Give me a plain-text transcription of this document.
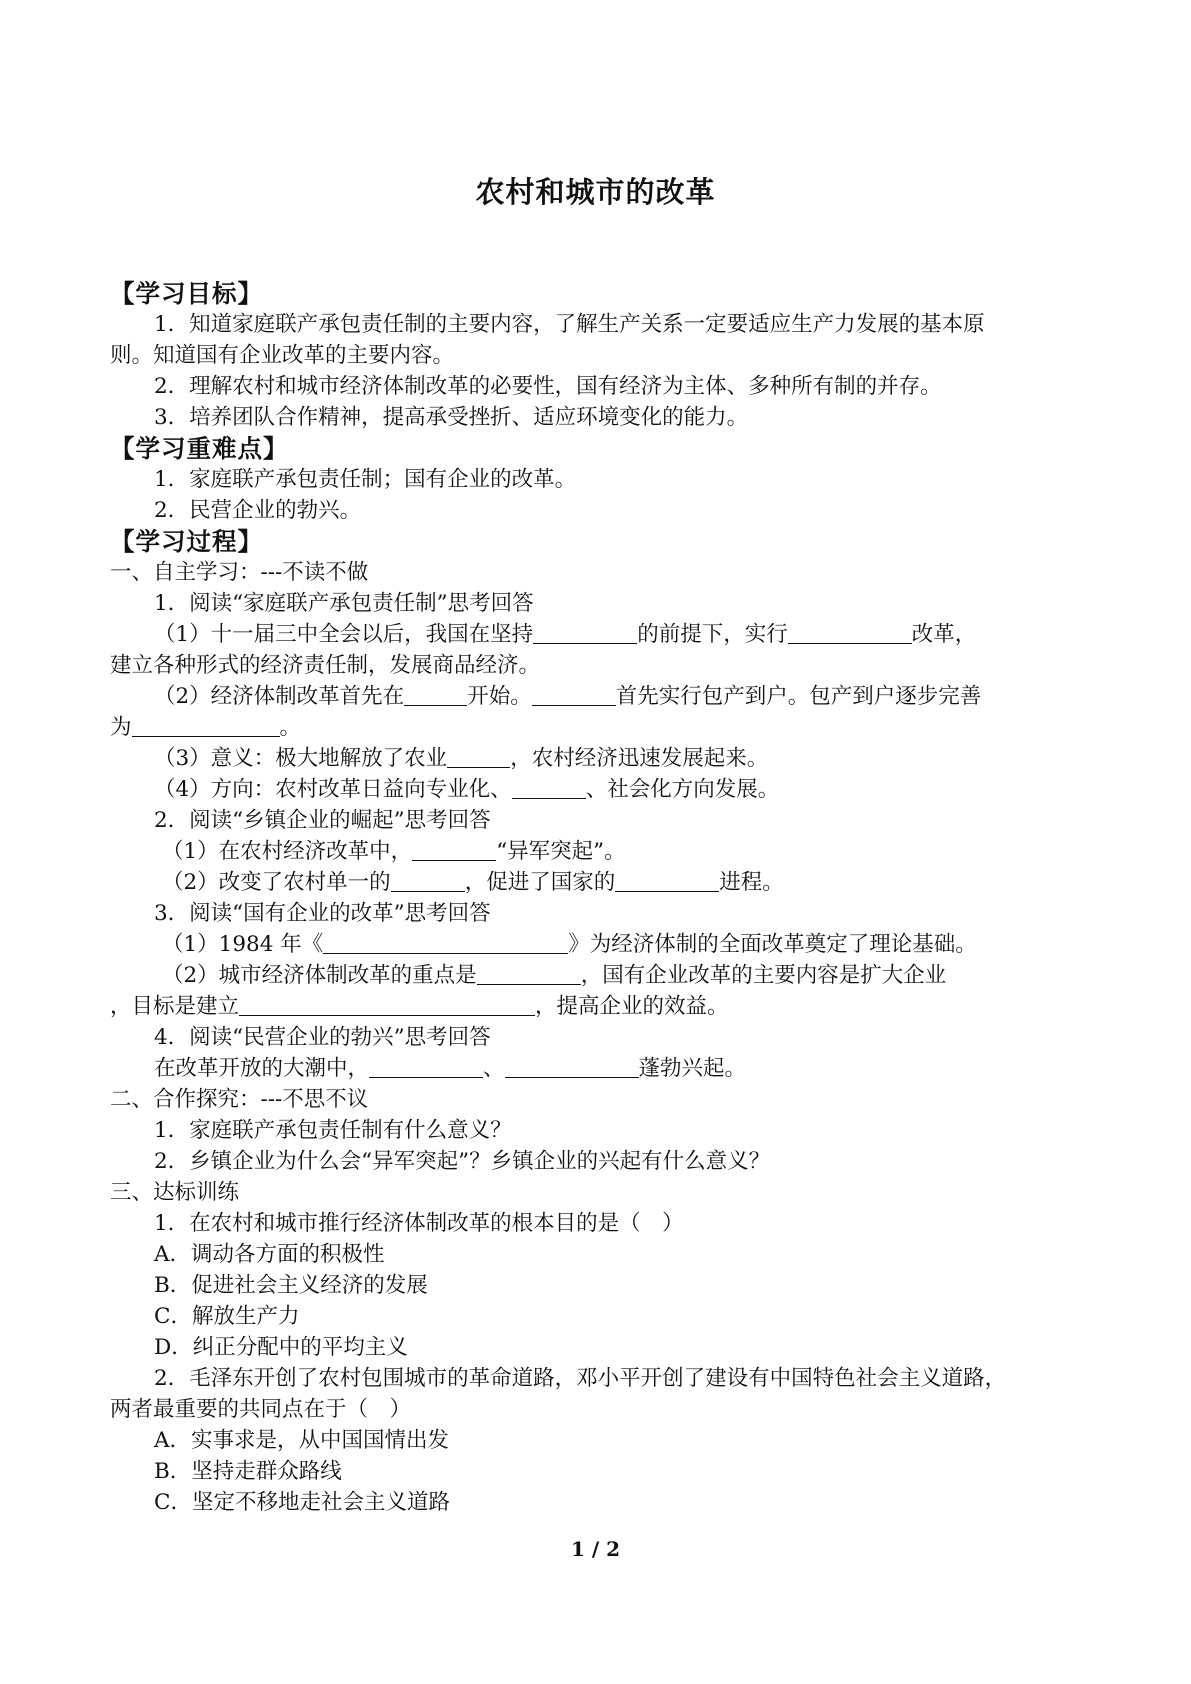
农村和城市的改革
【学习目标】
1．知道家庭联产承包责任制的主要内容，了解生产关系一定要适应生产力发展的基本原
则。知道国有企业改革的主要内容。
2．理解农村和城市经济体制改革的必要性，国有经济为主体、多种所有制的并存。
3．培养团队合作精神，提高承受挫折、适应环境变化的能力。
【学习重难点】
1．家庭联产承包责任制；国有企业的改革。
2．民营企业的勃兴。
【学习过程】
一、自主学习：---不读不做
1．阅读“家庭联产承包责任制”思考回答
（1）十一届三中全会以后，我国在坚持	的前提下，实行	改革，
建立各种形式的经济责任制，发展商品经济。
（2）经济体制改革首先在	开始。	首先实行包产到户。包产到户逐步完善
为	。
（3）意义：极大地解放了农业	，农村经济迅速发展起来。
（4）方向：农村改革日益向专业化、	、社会化方向发展。
2．阅读“乡镇企业的崛起”思考回答
（1）在农村经济改革中，	“异军突起”。
（2）改变了农村单一的	，促进了国家的	进程。
3．阅读“国有企业的改革”思考回答
（1）1984 年《	》为经济体制的全面改革奠定了理论基础。
（2）城市经济体制改革的重点是	，国有企业改革的主要内容是扩大企业
，目标是建立	，提高企业的效益。
4．阅读“民营企业的勃兴”思考回答
在改革开放的大潮中，	、	蓬勃兴起。
二、合作探究：---不思不议
1．家庭联产承包责任制有什么意义？
2．乡镇企业为什么会“异军突起”？乡镇企业的兴起有什么意义？
三、达标训练
1．在农村和城市推行经济体制改革的根本目的是（　）
A．调动各方面的积极性
B．促进社会主义经济的发展
C．解放生产力
D．纠正分配中的平均主义
2．毛泽东开创了农村包围城市的革命道路，邓小平开创了建设有中国特色社会主义道路，
两者最重要的共同点在于（　）
A．实事求是，从中国国情出发
B．坚持走群众路线
C．坚定不移地走社会主义道路
1 / 2
